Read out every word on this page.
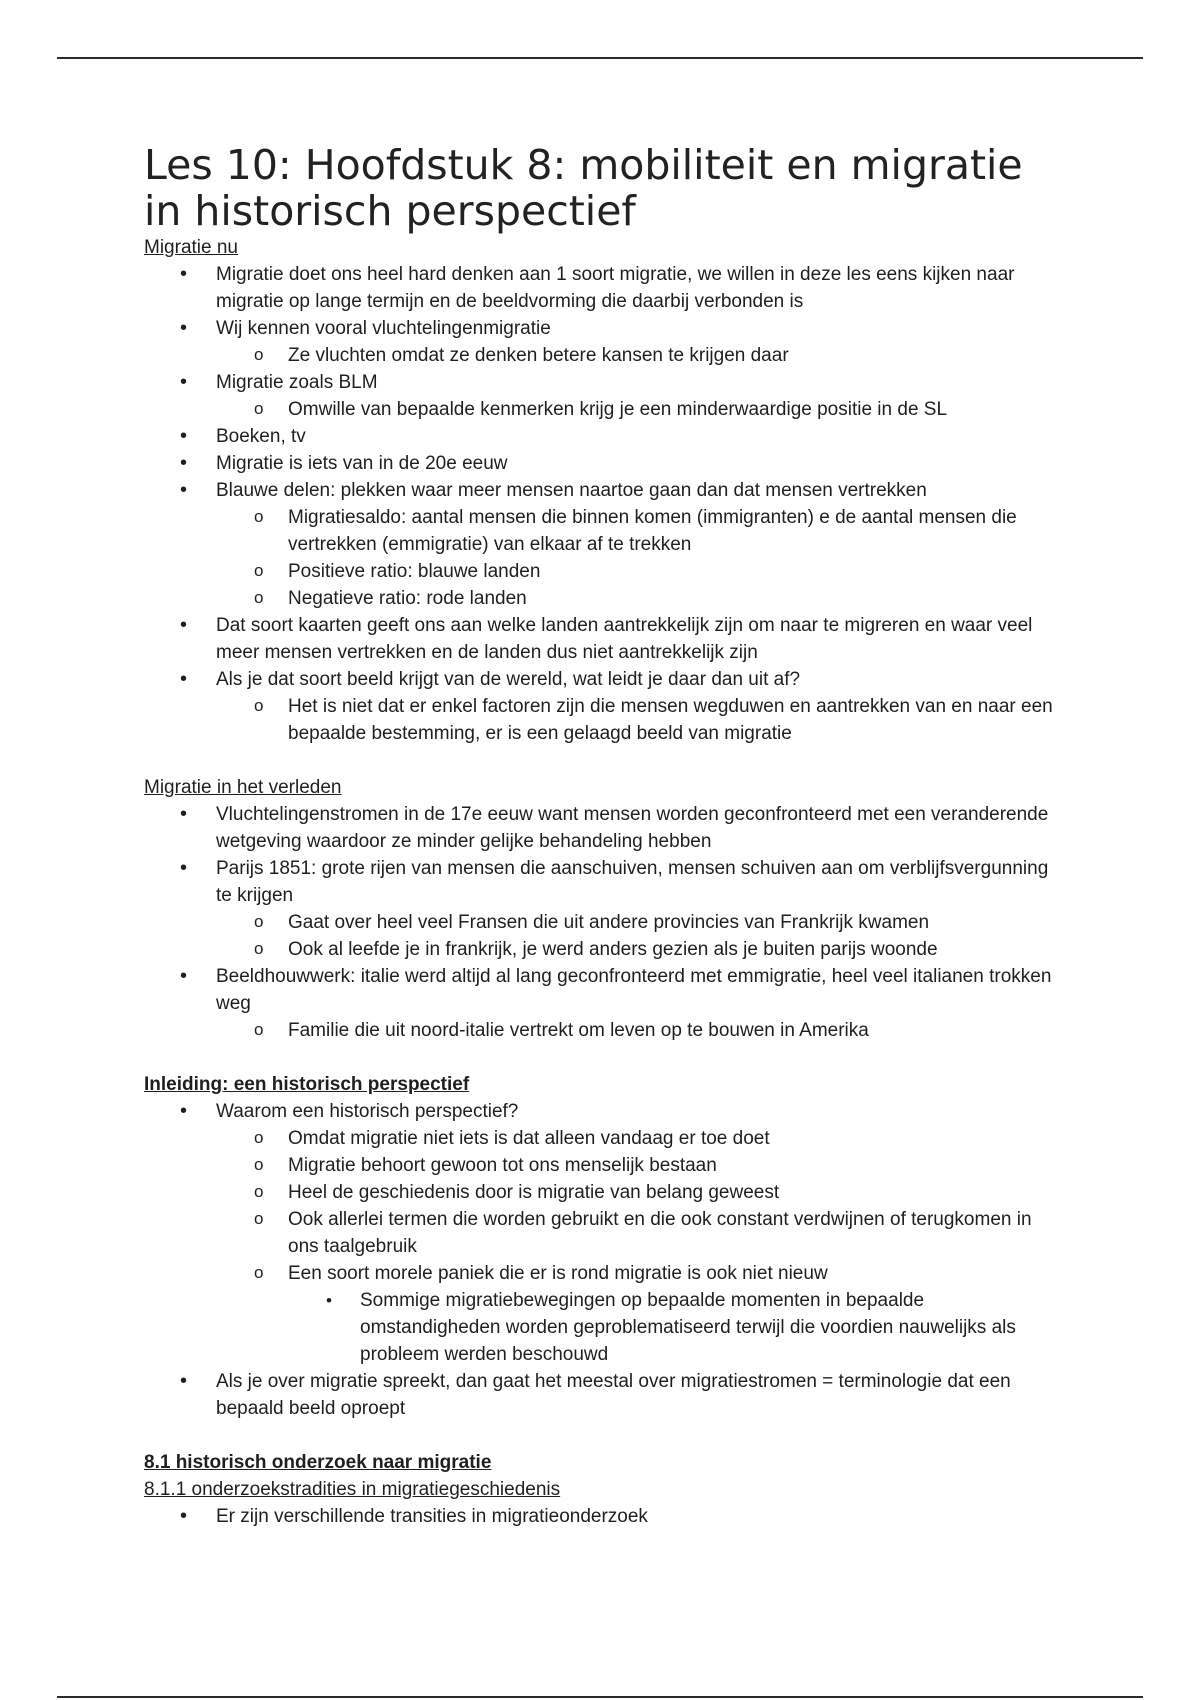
Les 10: Hoofdstuk 8: mobiliteit en migratie in historisch perspectief
Migratie nu
• Migratie doet ons heel hard denken aan 1 soort migratie, we willen in deze les eens kijken naar migratie op lange termijn en de beeldvorming die daarbij verbonden is
• Wij kennen vooral vluchtelingenmigratie
o Ze vluchten omdat ze denken betere kansen te krijgen daar
• Migratie zoals BLM
o Omwille van bepaalde kenmerken krijg je een minderwaardige positie in de SL
• Boeken, tv
• Migratie is iets van in de 20e eeuw
• Blauwe delen: plekken waar meer mensen naartoe gaan dan dat mensen vertrekken
o Migratiesaldo: aantal mensen die binnen komen (immigranten) e de aantal mensen die vertrekken (emmigratie) van elkaar af te trekken
o Positieve ratio: blauwe landen
o Negatieve ratio: rode landen
• Dat soort kaarten geeft ons aan welke landen aantrekkelijk zijn om naar te migreren en waar veel meer mensen vertrekken en de landen dus niet aantrekkelijk zijn
• Als je dat soort beeld krijgt van de wereld, wat leidt je daar dan uit af?
o Het is niet dat er enkel factoren zijn die mensen wegduwen en aantrekken van en naar een bepaalde bestemming, er is een gelaagd beeld van migratie
Migratie in het verleden
• Vluchtelingenstromen in de 17e eeuw want mensen worden geconfronteerd met een veranderende wetgeving waardoor ze minder gelijke behandeling hebben
• Parijs 1851: grote rijen van mensen die aanschuiven, mensen schuiven aan om verblijfsvergunning te krijgen
o Gaat over heel veel Fransen die uit andere provincies van Frankrijk kwamen
o Ook al leefde je in frankrijk, je werd anders gezien als je buiten parijs woonde
• Beeldhouwwerk: italie werd altijd al lang geconfronteerd met emmigratie, heel veel italianen trokken weg
o Familie die uit noord-italie vertrekt om leven op te bouwen in Amerika
Inleiding: een historisch perspectief
• Waarom een historisch perspectief?
o Omdat migratie niet iets is dat alleen vandaag er toe doet
o Migratie behoort gewoon tot ons menselijk bestaan
o Heel de geschiedenis door is migratie van belang geweest
o Ook allerlei termen die worden gebruikt en die ook constant verdwijnen of terugkomen in ons taalgebruik
o Een soort morele paniek die er is rond migratie is ook niet nieuw
• Sommige migratiebewegingen op bepaalde momenten in bepaalde omstandigheden worden geproblematiseerd terwijl die voordien nauwelijks als probleem werden beschouwd
• Als je over migratie spreekt, dan gaat het meestal over migratiestromen = terminologie dat een bepaald beeld oproept
8.1 historisch onderzoek naar migratie
8.1.1 onderzoekstradities in migratiegeschiedenis
• Er zijn verschillende transities in migratieonderzoek
